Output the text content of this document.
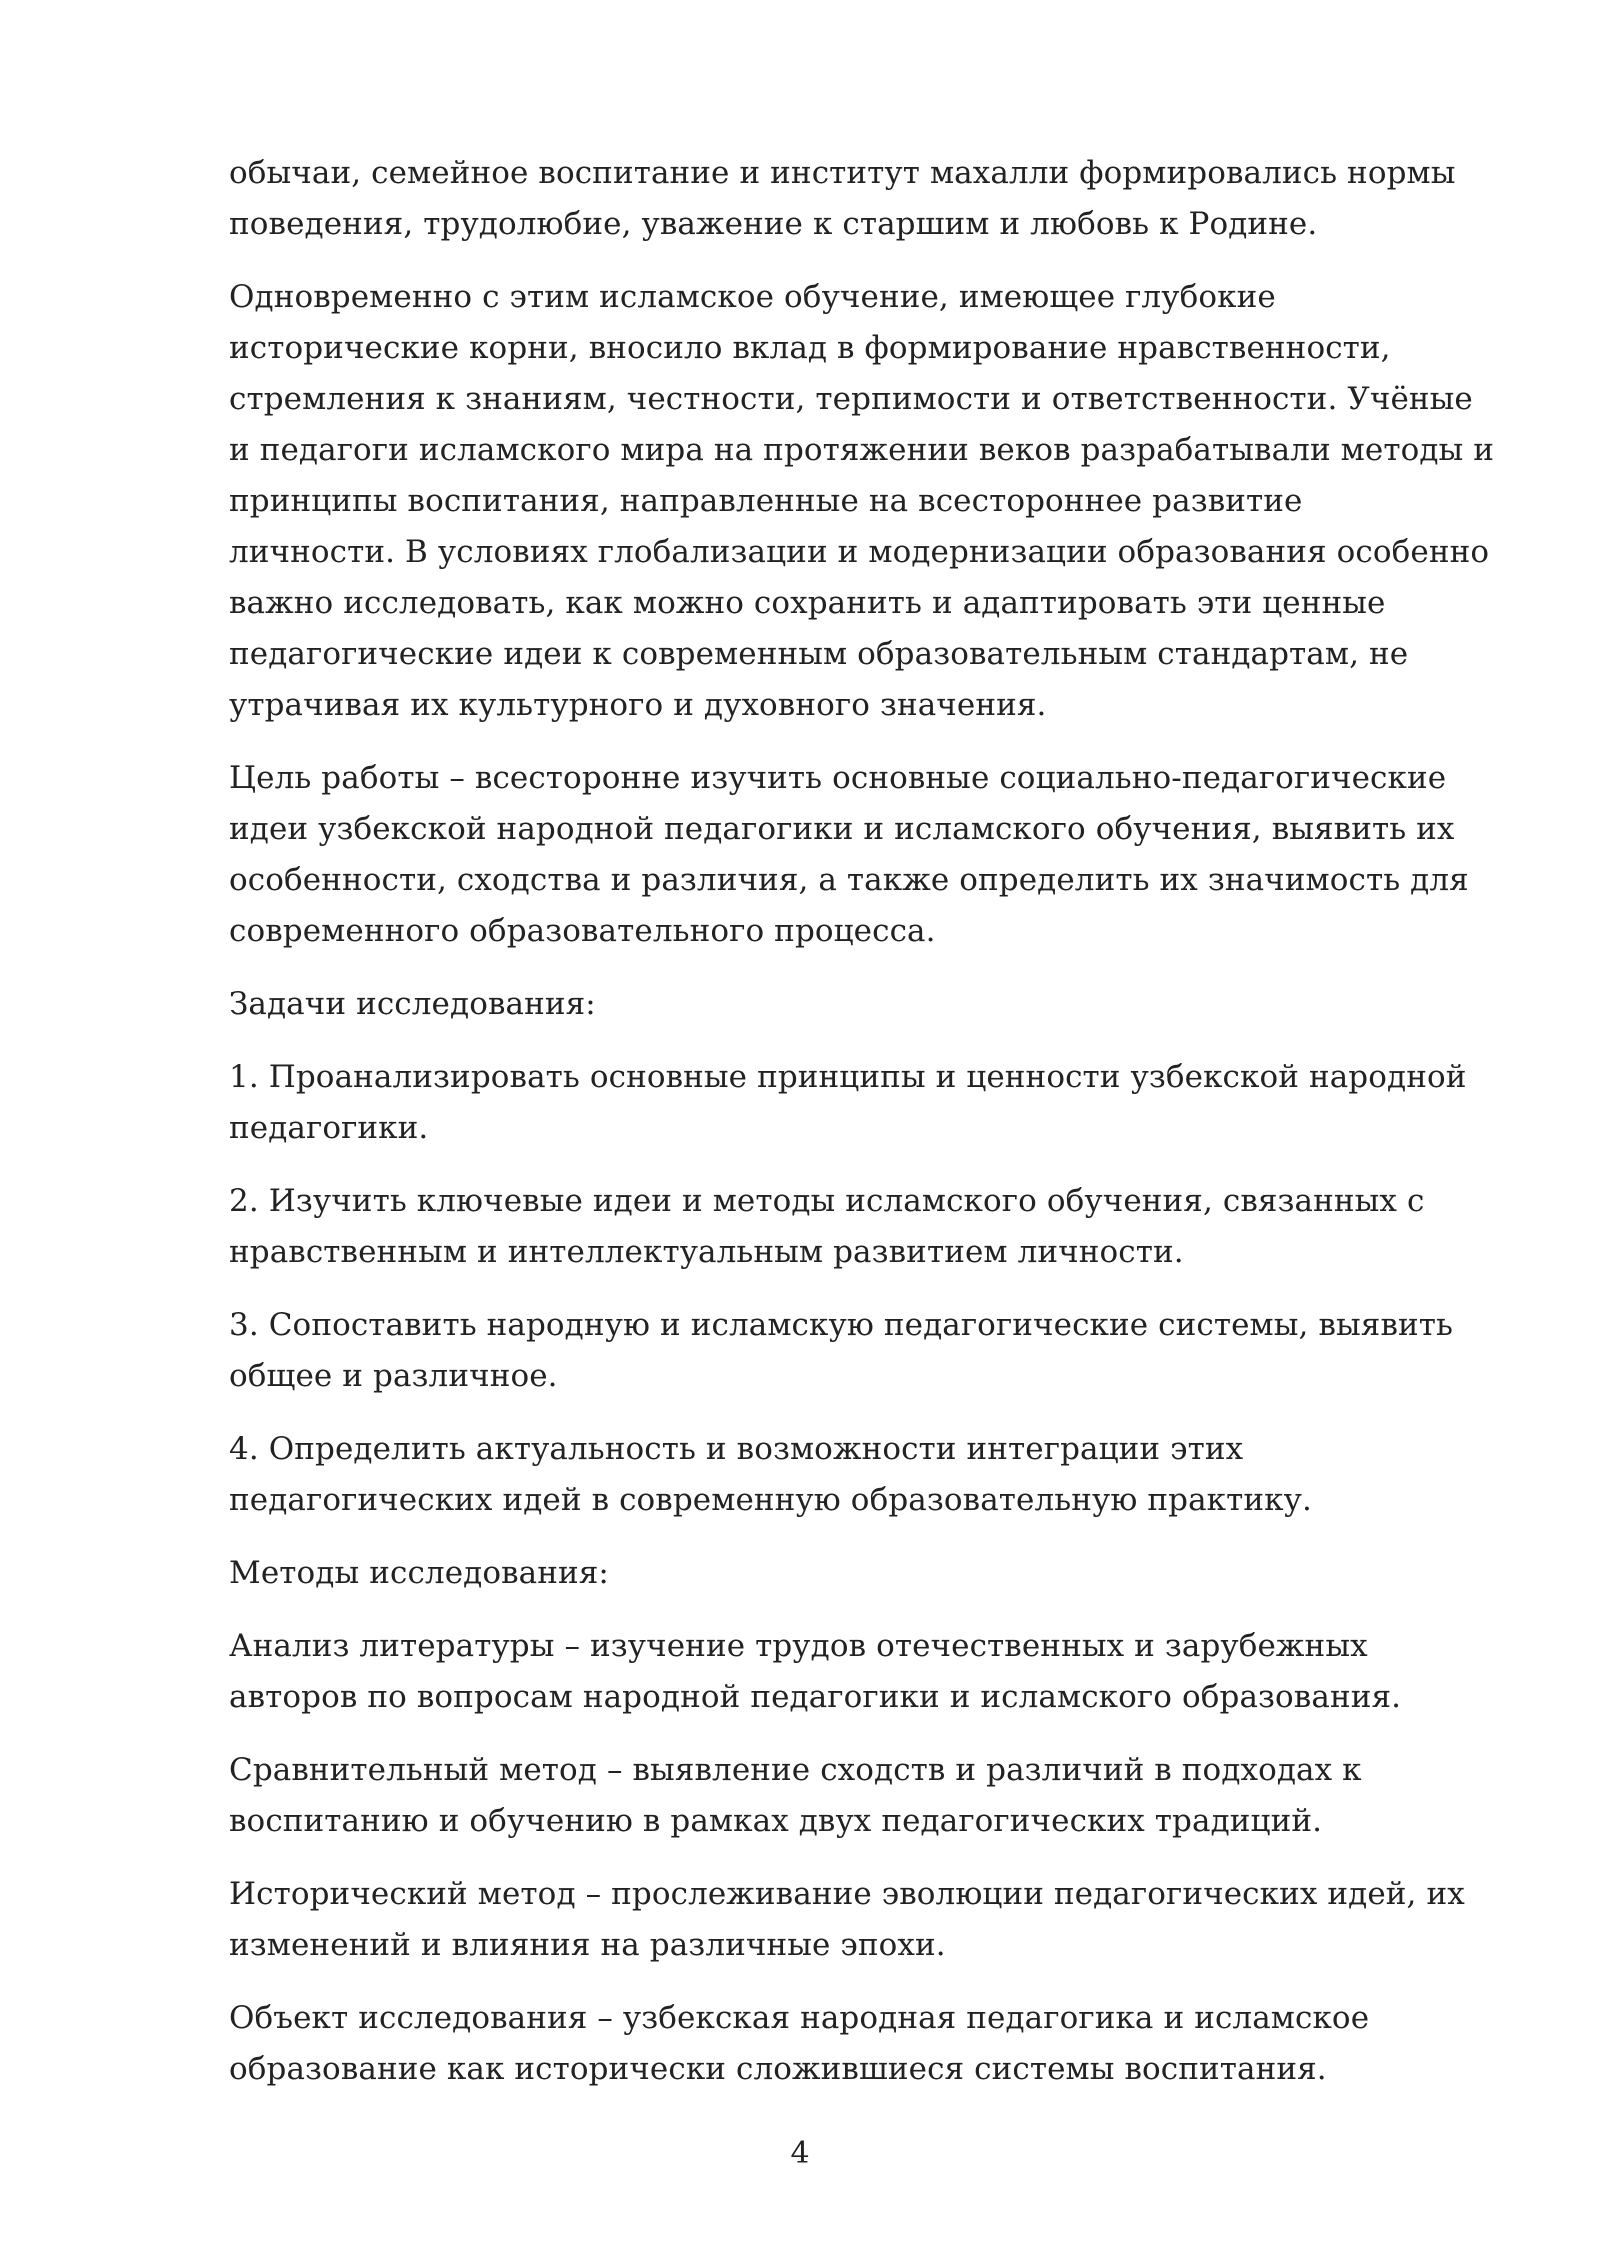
обычаи, семейное воспитание и институт махалли формировались нормы
поведения, трудолюбие, уважение к старшим и любовь к Родине.

Одновременно с этим исламское обучение, имеющее глубокие
исторические корни, вносило вклад в формирование нравственности,
стремления к знаниям, честности, терпимости и ответственности. Учёные
и педагоги исламского мира на протяжении веков разрабатывали методы и
принципы воспитания, направленные на всестороннее развитие
личности. В условиях глобализации и модернизации образования особенно
важно исследовать, как можно сохранить и адаптировать эти ценные
педагогические идеи к современным образовательным стандартам, не
утрачивая их культурного и духовного значения.

Цель работы – всесторонне изучить основные социально-педагогические
идеи узбекской народной педагогики и исламского обучения, выявить их
особенности, сходства и различия, а также определить их значимость для
современного образовательного процесса.

Задачи исследования:

1. Проанализировать основные принципы и ценности узбекской народной
педагогики.

2. Изучить ключевые идеи и методы исламского обучения, связанных с
нравственным и интеллектуальным развитием личности.

3. Сопоставить народную и исламскую педагогические системы, выявить
общее и различное.

4. Определить актуальность и возможности интеграции этих
педагогических идей в современную образовательную практику.

Методы исследования:

Анализ литературы – изучение трудов отечественных и зарубежных
авторов по вопросам народной педагогики и исламского образования.

Сравнительный метод – выявление сходств и различий в подходах к
воспитанию и обучению в рамках двух педагогических традиций.

Исторический метод – прослеживание эволюции педагогических идей, их
изменений и влияния на различные эпохи.

Объект исследования – узбекская народная педагогика и исламское
образование как исторически сложившиеся системы воспитания.

4
